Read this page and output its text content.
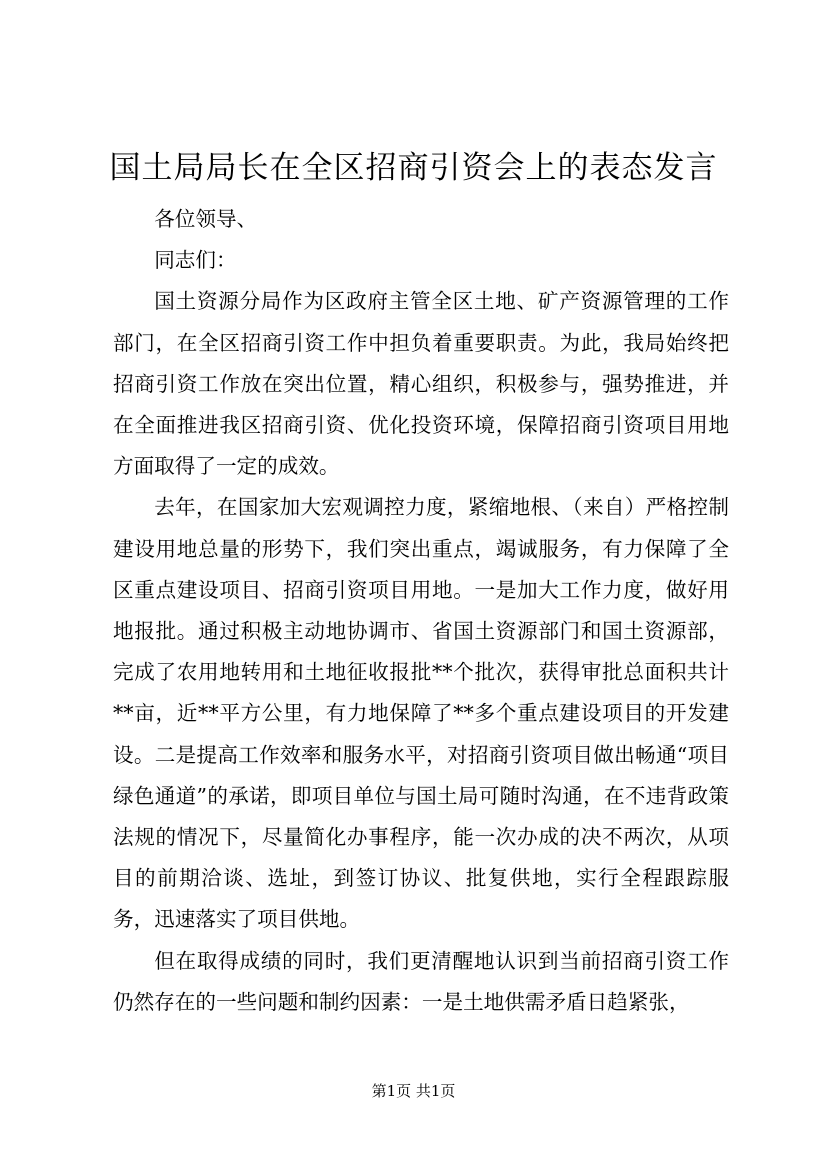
国土局局长在全区招商引资会上的表态发言

各位领导、

同志们：

国土资源分局作为区政府主管全区土地、矿产资源管理的工作部门，在全区招商引资工作中担负着重要职责。为此，我局始终把招商引资工作放在突出位置，精心组织，积极参与，强势推进，并在全面推进我区招商引资、优化投资环境，保障招商引资项目用地方面取得了一定的成效。

去年，在国家加大宏观调控力度，紧缩地根、（来自）严格控制建设用地总量的形势下，我们突出重点，竭诚服务，有力保障了全区重点建设项目、招商引资项目用地。一是加大工作力度，做好用地报批。通过积极主动地协调市、省国土资源部门和国土资源部，完成了农用地转用和土地征收报批**个批次，获得审批总面积共计**亩，近**平方公里，有力地保障了**多个重点建设项目的开发建设。二是提高工作效率和服务水平，对招商引资项目做出畅通“项目绿色通道”的承诺，即项目单位与国土局可随时沟通，在不违背政策法规的情况下，尽量简化办事程序，能一次办成的决不两次，从项目的前期洽谈、选址，到签订协议、批复供地，实行全程跟踪服务，迅速落实了项目供地。

但在取得成绩的同时，我们更清醒地认识到当前招商引资工作仍然存在的一些问题和制约因素：一是土地供需矛盾日趋紧张，

第1页 共1页
